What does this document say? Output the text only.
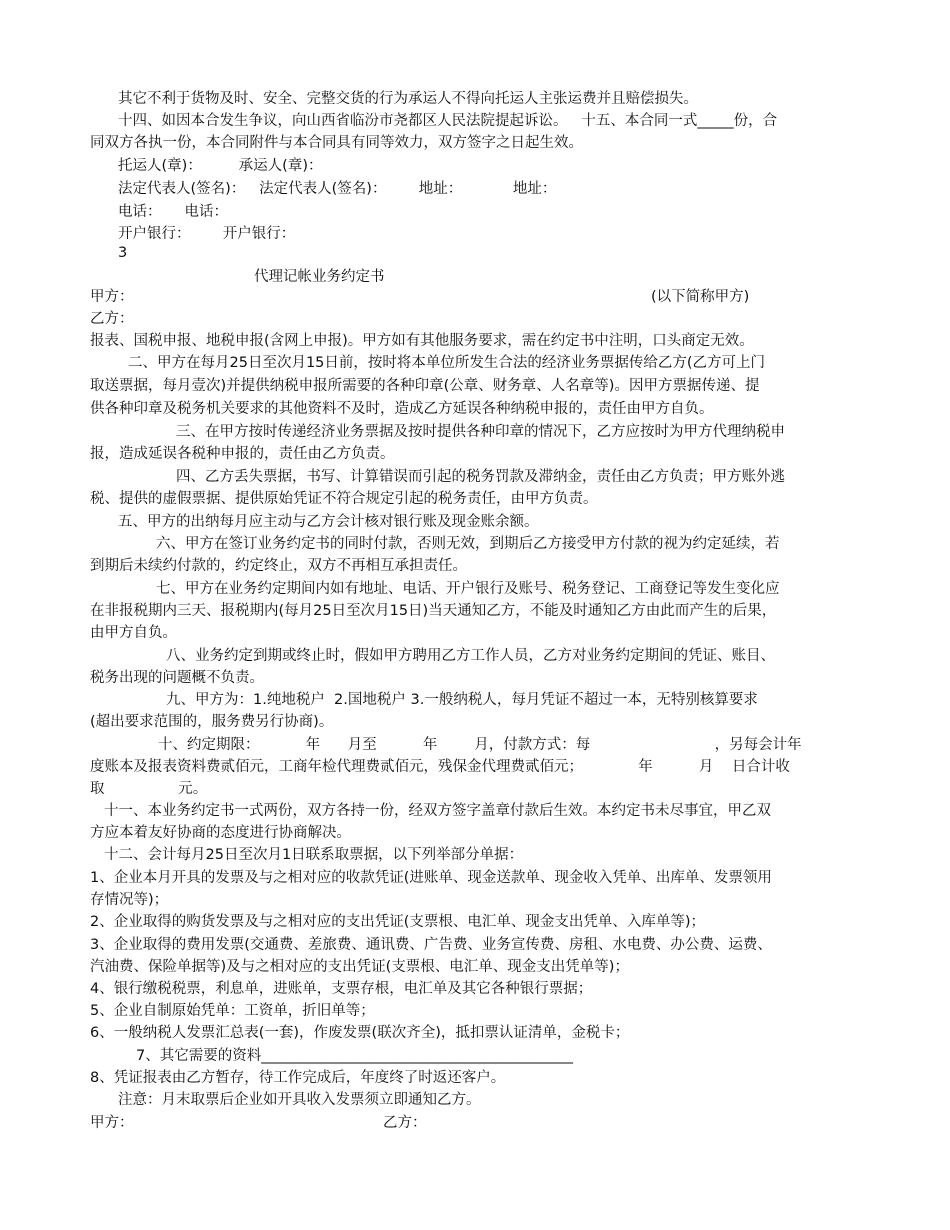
其它不利于货物及时、安全、完整交货的行为承运人不得向托运人主张运费并且赔偿损失。
十四、如因本合发生争议，向山西省临汾市尧都区人民法院提起诉讼。   十五、本合同一式_____份，合
同双方各执一份，本合同附件与本合同具有同等效力，双方签字之日起生效。
托运人(章)：        承运人(章)：
法定代表人(签名)：   法定代表人(签名)：       地址：           地址：
电话：     电话：
开户银行：       开户银行：
3
代理记帐业务约定书
甲方：	(以下简称甲方)
乙方：
报表、国税申报、地税申报(含网上申报)。甲方如有其他服务要求，需在约定书中注明，口头商定无效。
二、甲方在每月25日至次月15日前，按时将本单位所发生合法的经济业务票据传给乙方(乙方可上门
取送票据，每月壹次)并提供纳税申报所需要的各种印章(公章、财务章、人名章等)。因甲方票据传递、提
供各种印章及税务机关要求的其他资料不及时，造成乙方延误各种纳税申报的，责任由甲方自负。
三、在甲方按时传递经济业务票据及按时提供各种印章的情况下，乙方应按时为甲方代理纳税申
报，造成延误各税种申报的，责任由乙方负责。
四、乙方丢失票据，书写、计算错误而引起的税务罚款及滞纳金，责任由乙方负责；甲方账外逃
税、提供的虚假票据、提供原始凭证不符合规定引起的税务责任，由甲方负责。
五、甲方的出纳每月应主动与乙方会计核对银行账及现金账余额。
六、甲方在签订业务约定书的同时付款，否则无效，到期后乙方接受甲方付款的视为约定延续，若
到期后未续约付款的，约定终止，双方不再相互承担责任。
七、甲方在业务约定期间内如有地址、电话、开户银行及账号、税务登记、工商登记等发生变化应
在非报税期内三天、报税期内(每月25日至次月15日)当天通知乙方，不能及时通知乙方由此而产生的后果，
由甲方自负。
八、业务约定到期或终止时，假如甲方聘用乙方工作人员，乙方对业务约定期间的凭证、账目、
税务出现的问题概不负责。
九、甲方为：1.纯地税户  2.国地税户 3.一般纳税人，每月凭证不超过一本，无特别核算要求
(超出要求范围的，服务费另行协商)。
十、约定期限：          年      月至          年        月，付款方式：每                           ，另每会计年
度账本及报表资料费贰佰元，工商年检代理费贰佰元，残保金代理费贰佰元；            年          月    日合计收
取                元。
十一、本业务约定书一式两份，双方各持一份，经双方签字盖章付款后生效。本约定书未尽事宜，甲乙双
方应本着友好协商的态度进行协商解决。
十二、会计每月25日至次月1日联系取票据，以下列举部分单据：
1、企业本月开具的发票及与之相对应的收款凭证(进账单、现金送款单、现金收入凭单、出库单、发票领用
存情况等)；
2、企业取得的购货发票及与之相对应的支出凭证(支票根、电汇单、现金支出凭单、入库单等)；
3、企业取得的费用发票(交通费、差旅费、通讯费、广告费、业务宣传费、房租、水电费、办公费、运费、
汽油费、保险单据等)及与之相对应的支出凭证(支票根、电汇单、现金支出凭单等)；
4、银行缴税税票，利息单，进账单，支票存根，电汇单及其它各种银行票据；
5、企业自制原始凭单：工资单，折旧单等；
6、一般纳税人发票汇总表(一套)，作废发票(联次齐全)，抵扣票认证清单，金税卡；
7、其它需要的资料___________________________________________
8、凭证报表由乙方暂存，待工作完成后，年度终了时返还客户。
注意：月末取票后企业如开具收入发票须立即通知乙方。
甲方：	乙方：
